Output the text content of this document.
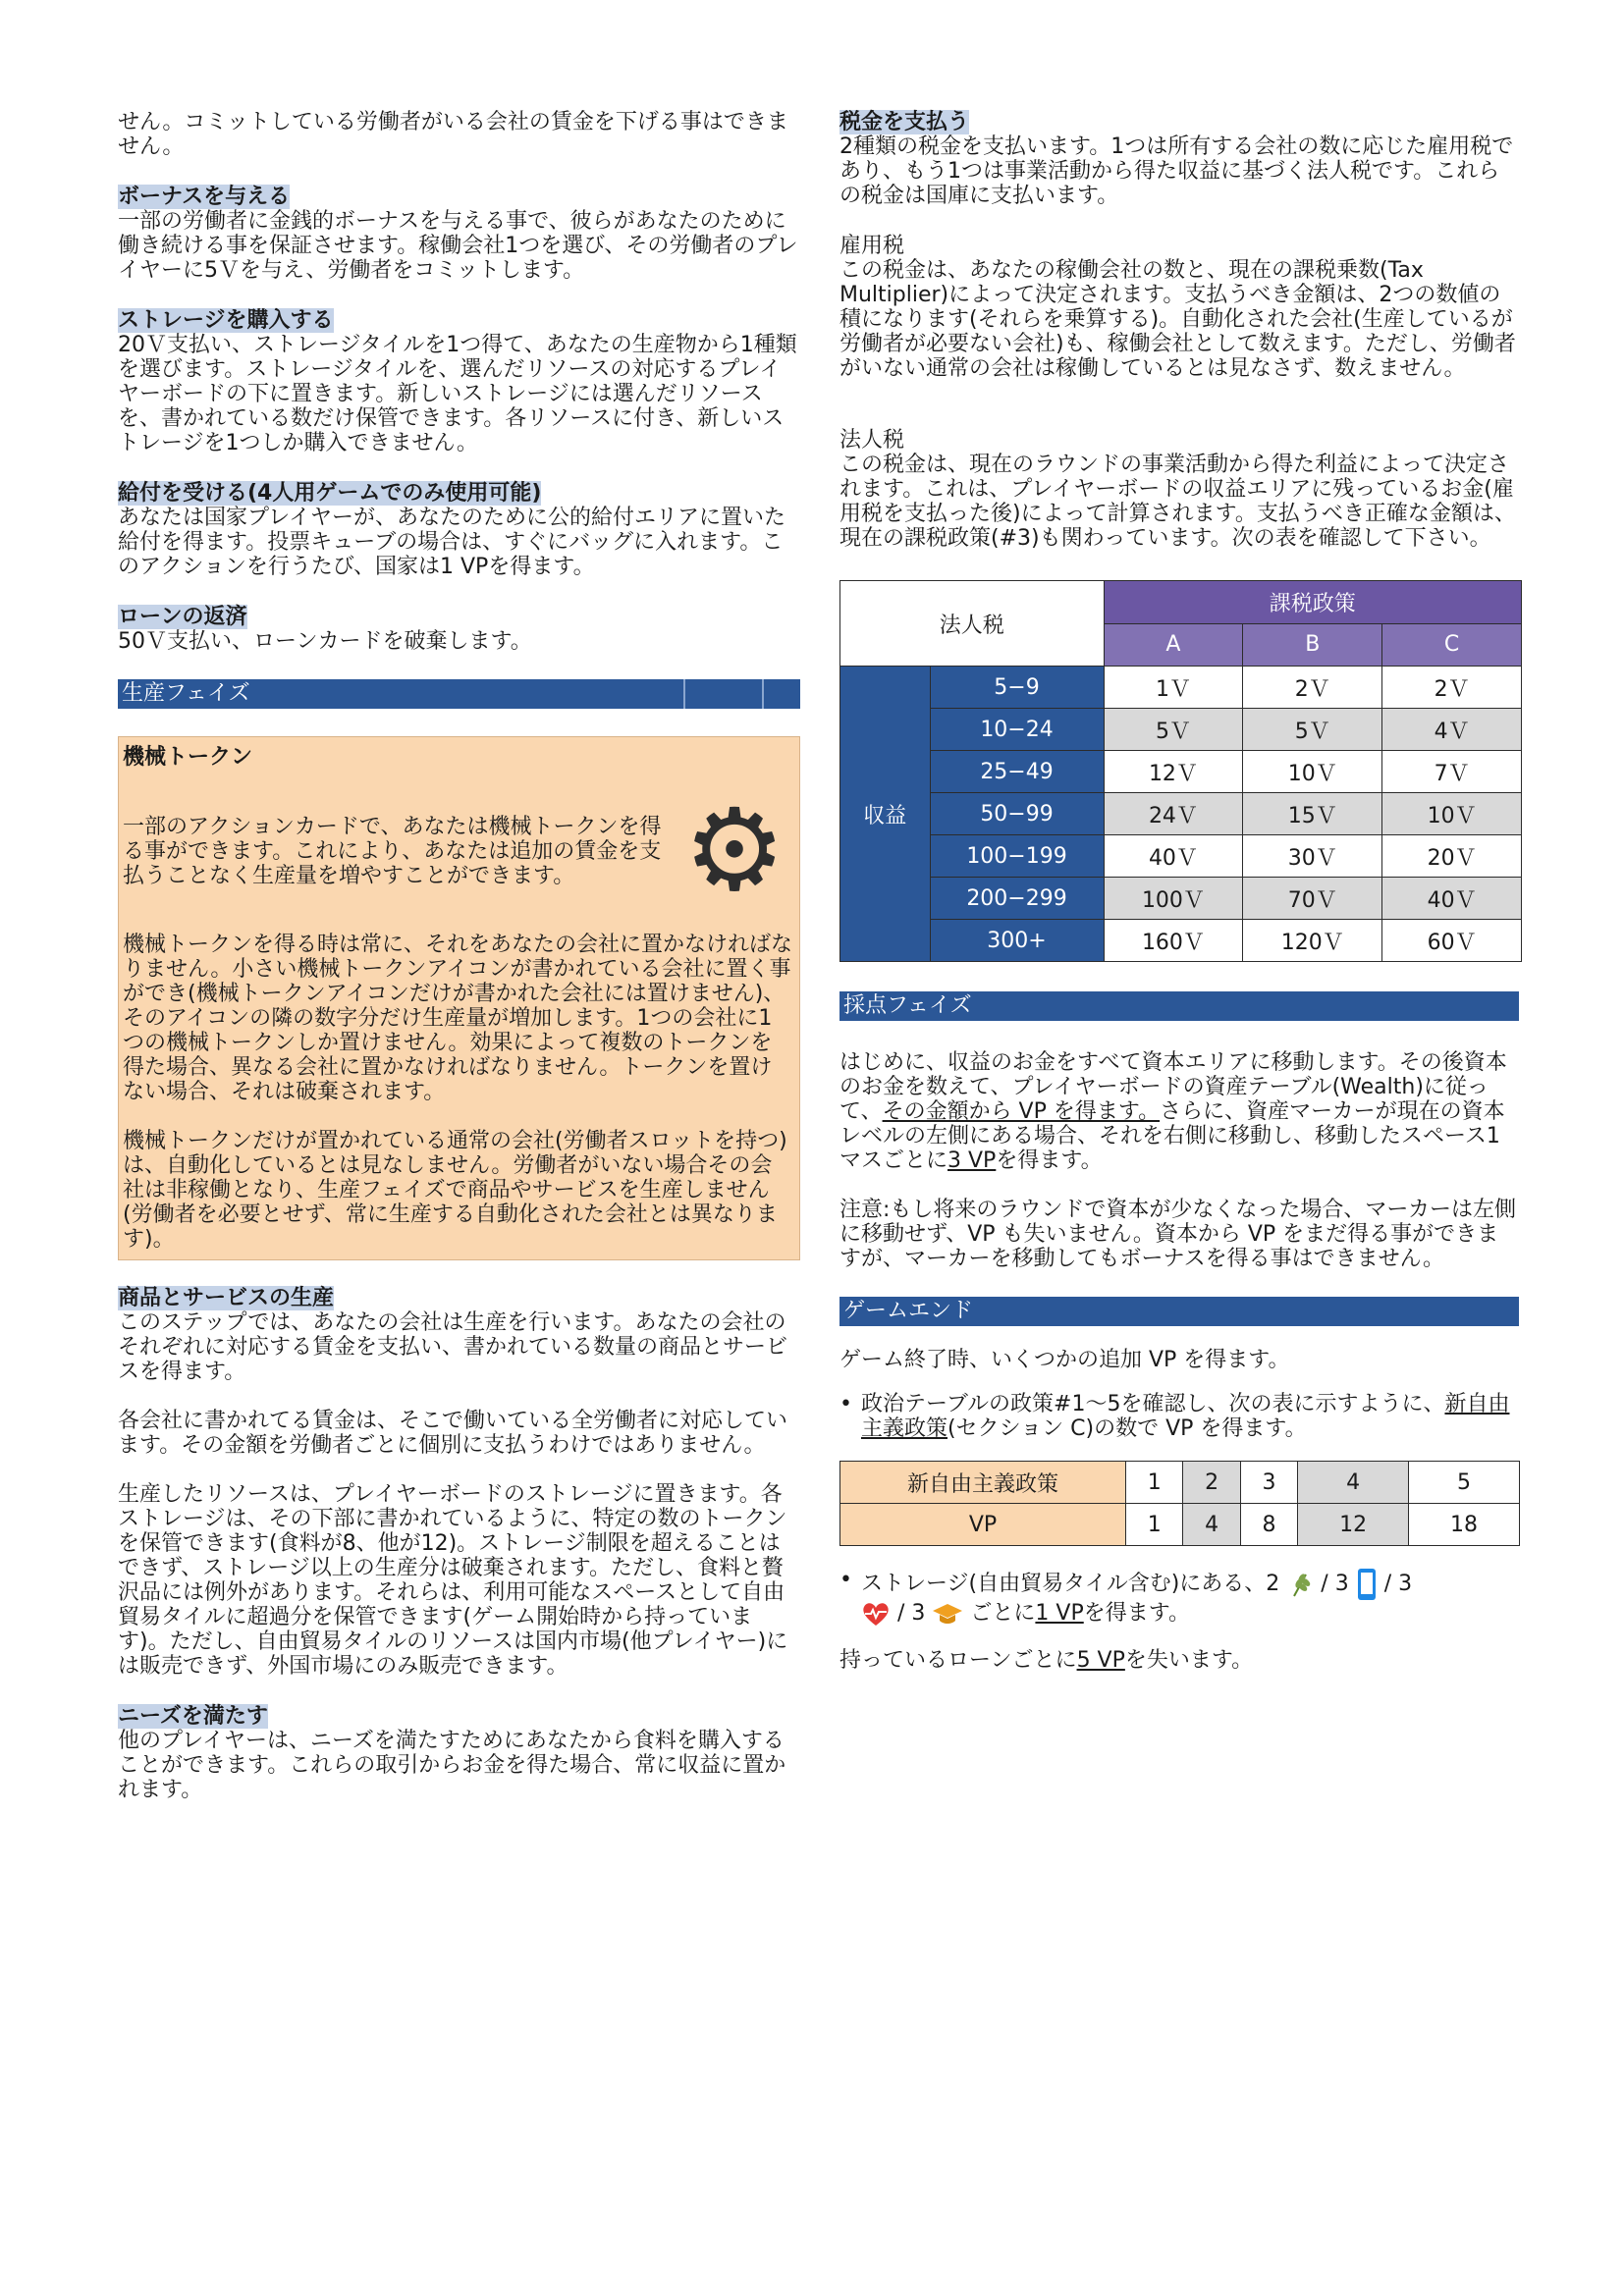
せん。コミットしている労働者がいる会社の賃金を下げる事はできません。

ボーナスを与える

一部の労働者に金銭的ボーナスを与える事で、彼らがあなたのために働き続ける事を保証させます。稼働会社1つを選び、その労働者のプレイヤーに5Ｖを与え、労働者をコミットします。

ストレージを購入する

20Ｖ支払い、ストレージタイルを1つ得て、あなたの生産物から1種類を選びます。ストレージタイルを、選んだリソースの対応するプレイヤーボードの下に置きます。新しいストレージには選んだリソースを、書かれている数だけ保管できます。各リソースに付き、新しいストレージを1つしか購入できません。

給付を受ける(4人用ゲームでのみ使用可能)

あなたは国家プレイヤーが、あなたのために公的給付エリアに置いた給付を得ます。投票キューブの場合は、すぐにバッグに入れます。このアクションを行うたび、国家は1 VPを得ます。

ローンの返済

50Ｖ支払い、ローンカードを破棄します。

生産フェイズ
機械トークン

一部のアクションカードで、あなたは機械トークンを得る事ができます。これにより、あなたは追加の賃金を支払うことなく生産量を増やすことができます。 ⚙

機械トークンを得る時は常に、それをあなたの会社に置かなければなりません。小さい機械トークンアイコンが書かれている会社に置く事ができ(機械トークンアイコンだけが書かれた会社には置けません)、そのアイコンの隣の数字分だけ生産量が増加します。1つの会社に1つの機械トークンしか置けません。効果によって複数のトークンを得た場合、異なる会社に置かなければなりません。トークンを置けない場合、それは破棄されます。

機械トークンだけが置かれている通常の会社(労働者スロットを持つ)は、自動化しているとは見なしません。労働者がいない場合その会社は非稼働となり、生産フェイズで商品やサービスを生産しません(労働者を必要とせず、常に生産する自動化された会社とは異なります)。

商品とサービスの生産

このステップでは、あなたの会社は生産を行います。あなたの会社のそれぞれに対応する賃金を支払い、書かれている数量の商品とサービスを得ます。

各会社に書かれてる賃金は、そこで働いている全労働者に対応しています。その金額を労働者ごとに個別に支払うわけではありません。

生産したリソースは、プレイヤーボードのストレージに置きます。各ストレージは、その下部に書かれているように、特定の数のトークンを保管できます(食料が8、他が12)。ストレージ制限を超えることはできず、ストレージ以上の生産分は破棄されます。ただし、食料と贅沢品には例外があります。それらは、利用可能なスペースとして自由貿易タイルに超過分を保管できます(ゲーム開始時から持っています)。ただし、自由貿易タイルのリソースは国内市場(他プレイヤー)には販売できず、外国市場にのみ販売できます。

ニーズを満たす

他のプレイヤーは、ニーズを満たすためにあなたから食料を購入することができます。これらの取引からお金を得た場合、常に収益に置かれます。

税金を支払う

2種類の税金を支払います。1つは所有する会社の数に応じた雇用税であり、もう1つは事業活動から得た収益に基づく法人税です。これらの税金は国庫に支払います。

雇用税

この税金は、あなたの稼働会社の数と、現在の課税乗数(Tax Multiplier)によって決定されます。支払うべき金額は、2つの数値の積になります(それらを乗算する)。自動化された会社(生産しているが労働者が必要ない会社)も、稼働会社として数えます。ただし、労働者がいない通常の会社は稼働しているとは見なさず、数えません。

法人税

この税金は、現在のラウンドの事業活動から得た利益によって決定されます。これは、プレイヤーボードの収益エリアに残っているお金(雇用税を支払った後)によって計算されます。支払うべき正確な金額は、現在の課税政策(#3)も関わっています。次の表を確認して下さい。

法人税		課税政策		
		A	B	C
収益	5−9	1Ｖ	2Ｖ	2Ｖ
	10−24	5Ｖ	5Ｖ	4Ｖ
	25−49	12Ｖ	10Ｖ	7Ｖ
	50−99	24Ｖ	15Ｖ	10Ｖ
	100−199	40Ｖ	30Ｖ	20Ｖ
	200−299	100Ｖ	70Ｖ	40Ｖ
	300+	160Ｖ	120Ｖ	60Ｖ
採点フェイズ

はじめに、収益のお金をすべて資本エリアに移動します。その後資本のお金を数えて、プレイヤーボードの資産テーブル(Wealth)に従って、その金額から VP を得ます。さらに、資産マーカーが現在の資本レベルの左側にある場合、それを右側に移動し、移動したスペース1マスごとに3 VPを得ます。

注意:もし将来のラウンドで資本が少なくなった場合、マーカーは左側に移動せず、VP も失いません。資本から VP をまだ得る事ができますが、マーカーを移動してもボーナスを得る事はできません。

ゲームエンド

ゲーム終了時、いくつかの追加 VP を得ます。

• 政治テーブルの政策#1〜5を確認し、次の表に示すように、新自由主義政策(セクション C)の数で VP を得ます。

新自由主義政策	1	2	3	4	5
VP	1	4	8	12	18
• ストレージ(自由貿易タイル含む)にある、2 / 3 / 3
/ 3 ごとに1 VPを得ます。

持っているローンごとに5 VPを失います。
